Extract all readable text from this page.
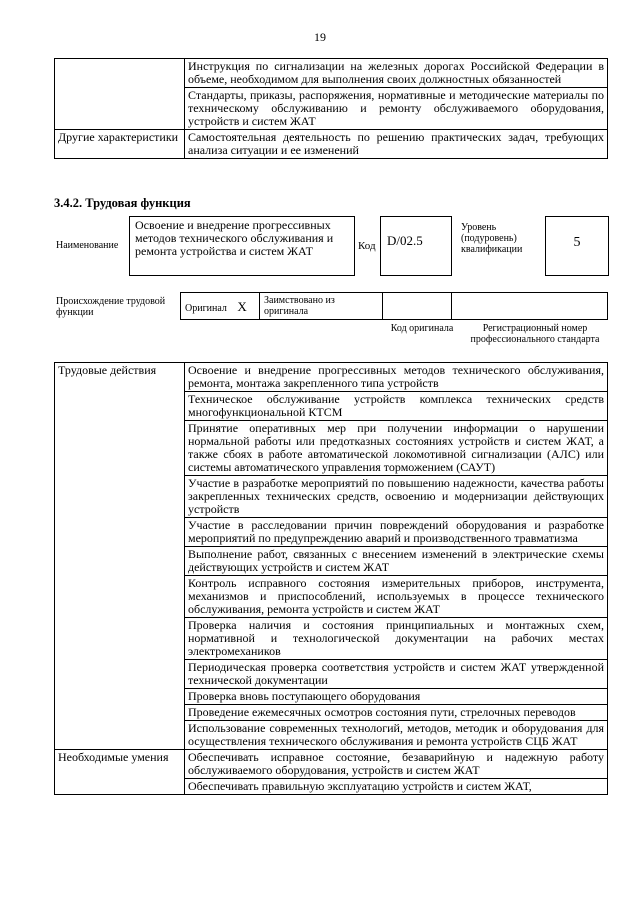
19
	Инструкция по сигнализации на железных дорогах Российской Федерации в объеме, необходимом для выполнения своих должностных обязанностей
	Стандарты, приказы, распоряжения, нормативные и методические материалы по техническому обслуживанию и ремонту обслуживаемого оборудования, устройств и систем ЖАТ
Другие характеристики	Самостоятельная деятельность по решению практических задач, требующих анализа ситуации и ее изменений
3.4.2. Трудовая функция
Наименование
Освоение и внедрение прогрессивных методов технического обслуживания и ремонта устройства и систем ЖАТ	Код D/02.5
Уровень (подуровень) квалификации	5
Происхождение трудовой функции	Оригинал X	Заимствовано из оригинала
Код оригинала	Регистрационный номер профессионального стандарта
Трудовые действия	Освоение и внедрение прогрессивных методов технического обслуживания, ремонта, монтажа закрепленного типа устройств
	Техническое обслуживание устройств комплекса технических средств многофункциональной КТСМ
	Принятие оперативных мер при получении информации о нарушении нормальной работы или предотказных состояниях устройств и систем ЖАТ, а также сбоях в работе автоматической локомотивной сигнализации (АЛС) или системы автоматического управления торможением (САУТ)
	Участие в разработке мероприятий по повышению надежности, качества работы закрепленных технических средств, освоению и модернизации действующих устройств
	Участие в расследовании причин повреждений оборудования и разработке мероприятий по предупреждению аварий и производственного травматизма
	Выполнение работ, связанных с внесением изменений в электрические схемы действующих устройств и систем ЖАТ
	Контроль исправного состояния измерительных приборов, инструмента, механизмов и приспособлений, используемых в процессе технического обслуживания, ремонта устройств и систем ЖАТ
	Проверка наличия и состояния принципиальных и монтажных схем, нормативной и технологической документации на рабочих местах электромехаников
	Периодическая проверка соответствия устройств и систем ЖАТ утвержденной технической документации
	Проверка вновь поступающего оборудования
	Проведение ежемесячных осмотров состояния пути, стрелочных переводов
	Использование современных технологий, методов, методик и оборудования для осуществления технического обслуживания и ремонта устройств СЦБ ЖАТ
Необходимые умения	Обеспечивать исправное состояние, безаварийную и надежную работу обслуживаемого оборудования, устройств и систем ЖАТ
	Обеспечивать правильную эксплуатацию устройств и систем ЖАТ,
